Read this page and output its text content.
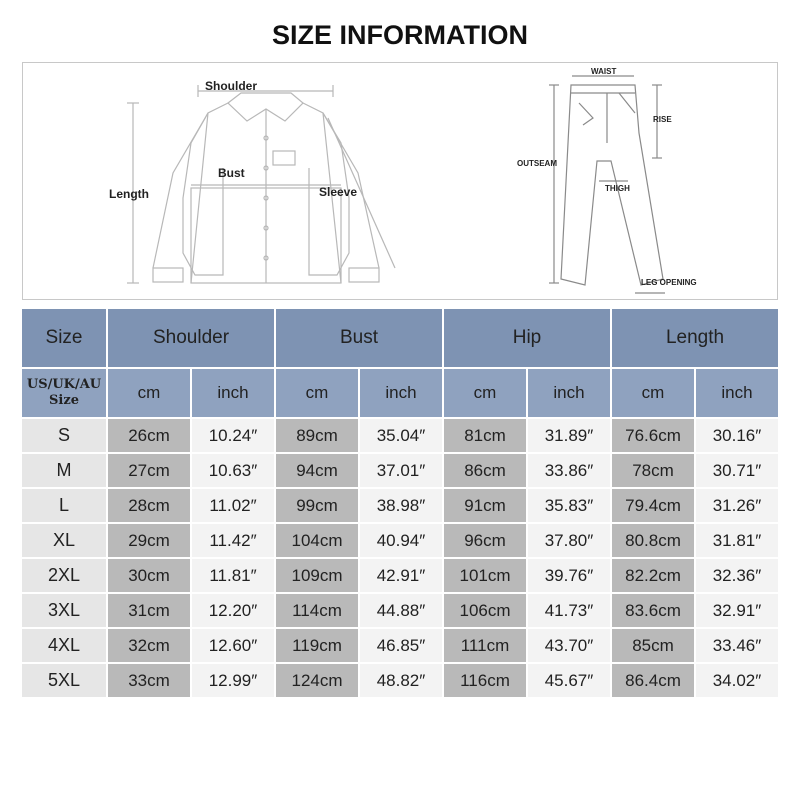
SIZE INFORMATION
Shoulder
Bust
Length	Sleeve
WAIST
RISE
OUTSEAM
THIGH
LEG OPENING
Size	Shoulder		Bust		Hip		Length	
US/UK/AU Size	cm	inch	cm	inch	cm	inch	cm	inch
S	26cm	10.24″	89cm	35.04″	81cm	31.89″	76.6cm	30.16″
M	27cm	10.63″	94cm	37.01″	86cm	33.86″	78cm	30.71″
L	28cm	11.02″	99cm	38.98″	91cm	35.83″	79.4cm	31.26″
XL	29cm	11.42″	104cm	40.94″	96cm	37.80″	80.8cm	31.81″
2XL	30cm	11.81″	109cm	42.91″	101cm	39.76″	82.2cm	32.36″
3XL	31cm	12.20″	114cm	44.88″	106cm	41.73″	83.6cm	32.91″
4XL	32cm	12.60″	119cm	46.85″	111cm	43.70″	85cm	33.46″
5XL	33cm	12.99″	124cm	48.82″	116cm	45.67″	86.4cm	34.02″
